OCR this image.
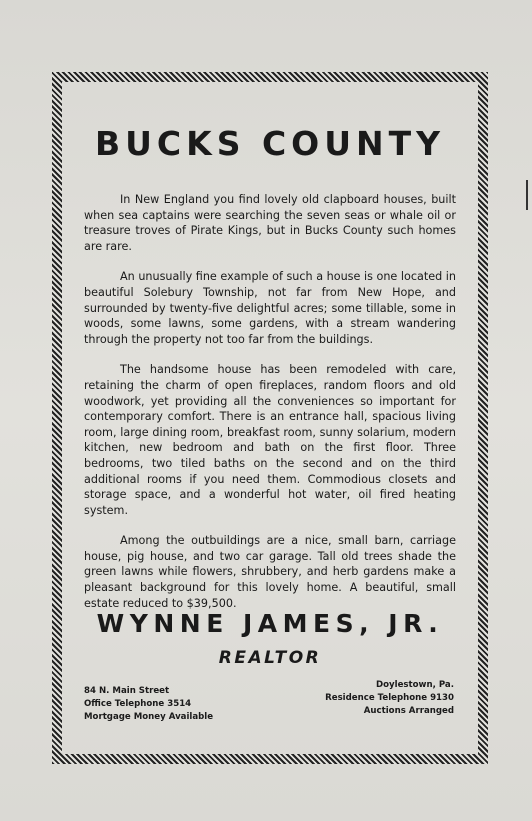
BUCKS COUNTY

In New England you find lovely old clapboard houses, built when sea captains were searching the seven seas or whale oil or treasure troves of Pirate Kings, but in Bucks County such homes are rare.

An unusually fine example of such a house is one located in beautiful Solebury Township, not far from New Hope, and surrounded by twenty-five delightful acres; some tillable, some in woods, some lawns, some gardens, with a stream wandering through the property not too far from the buildings.

The handsome house has been remodeled with care, retaining the charm of open fireplaces, random floors and old woodwork, yet providing all the conveniences so important for contemporary comfort. There is an entrance hall, spacious living room, large dining room, breakfast room, sunny solarium, modern kitchen, new bedroom and bath on the first floor. Three bedrooms, two tiled baths on the second and on the third additional rooms if you need them. Commodious closets and storage space, and a wonderful hot water, oil fired heating system.

Among the outbuildings are a nice, small barn, carriage house, pig house, and two car garage. Tall old trees shade the green lawns while flowers, shrubbery, and herb gardens make a pleasant background for this lovely home. A beautiful, small estate reduced to $39,500.

WYNNE JAMES, JR.
REALTOR
84 N. Main Street
Office Telephone 3514
Mortgage Money Available
Doylestown, Pa.
Residence Telephone 9130
Auctions Arranged
